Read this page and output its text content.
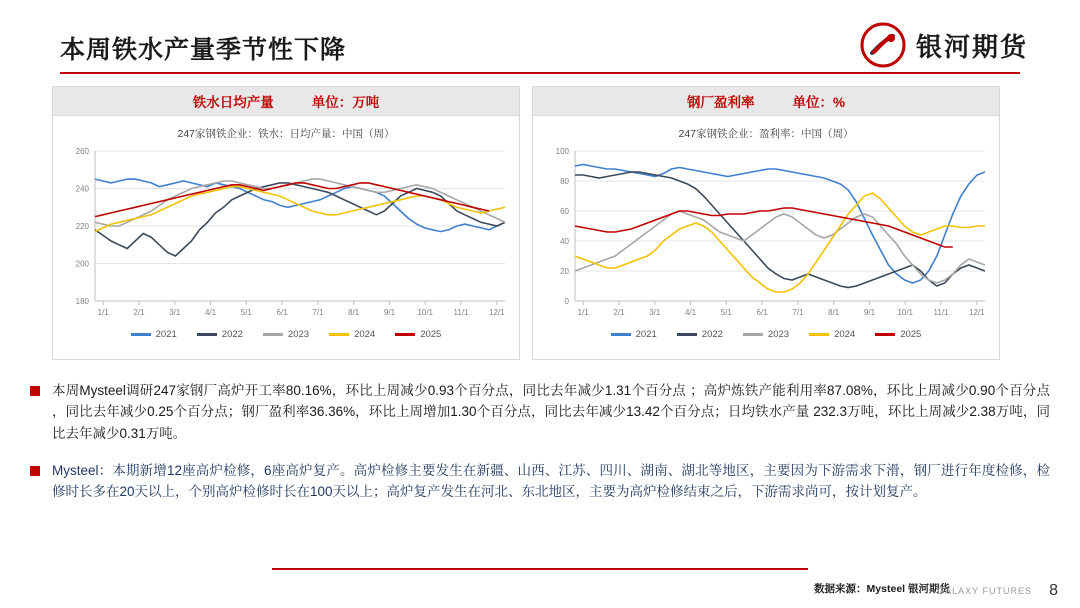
本周铁水产量季节性下降	银河期货
铁水日均产量	单位：万吨
247家钢铁企业：铁水：日均产量：中国（周）
180
200
220
240
260
1/1	2/1	3/1	4/1	5/1	6/1	7/1	8/1	9/1	10/1	11/1	12/1
2021	2022	2023	2024	2025
钢厂盈利率	单位：%
247家钢铁企业：盈利率：中国（周）
0
20
40
60
80
100
1/1	2/1	3/1	4/1	5/1	6/1	7/1	8/1	9/1	10/1	11/1	12/1
2021	2022	2023	2024	2025
本周Mysteel调研247家钢厂高炉开工率80.16%，环比上周减少0.93个百分点，同比去年减少1.31个百分点 ；高炉炼铁产能利用率87.08%，环比上周减少0.90个百分点 ，同比去年减少0.25个百分点；钢厂盈利率36.36%，环比上周增加1.30个百分点，同比去年减少13.42个百分点；日均铁水产量 232.3万吨，环比上周减少2.38万吨，同比去年减少0.31万吨。
Mysteel：本期新增12座高炉检修，6座高炉复产。高炉检修主要发生在新疆、山西、江苏、四川、湖南、湖北等地区，主要因为下游需求下滑，钢厂进行年度检修，检修时长多在20天以上，个别高炉检修时长在100天以上；高炉复产发生在河北、东北地区，主要为高炉检修结束之后，下游需求尚可，按计划复产。
数据来源：Mysteel 银河期货
GALAXY FUTURES 8
